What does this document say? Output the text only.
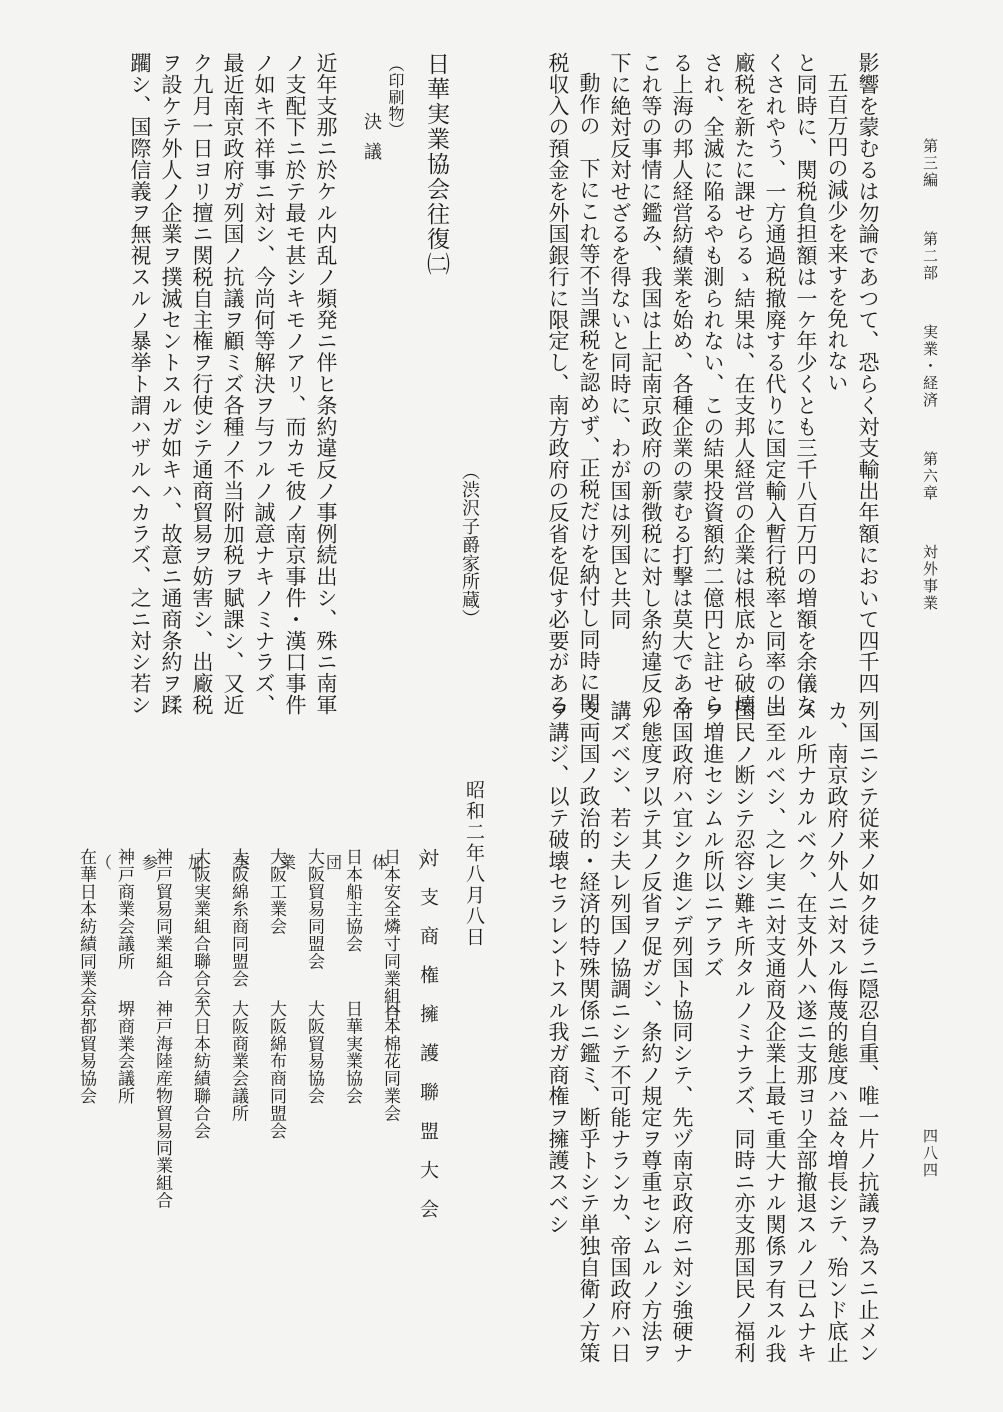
第三編 第二部 実業・経済 第六章 対外事業
四八四
影響を蒙むるは勿論であつて、恐らく対支輸出年額において四千四
五百万円の減少を来すを免れない
と同時に、関税負担額は一ケ年少くとも三千八百万円の増額を余儀な
くされやう、一方通過税撤廃する代りに国定輸入暫行税率と同率の出
廠税を新たに課せらるゝ結果は、在支邦人経営の企業は根底から破壊
され、全滅に陥るやも測られない、この結果投資額約二億円と註せら
る上海の邦人経営紡績業を始め、各種企業の蒙むる打撃は莫大である
これ等の事情に鑑み、我国は上記南京政府の新徴税に対し条約違反の
下に絶対反対せざるを得ないと同時に、わが国は列国と共同
動作の　下にこれ等不当課税を認めず、正税だけを納付し同時に関
税収入の預金を外国銀行に限定し、南方政府の反省を促す必要がある
日華実業協会往復㈡
（渋沢子爵家所蔵）
（印刷物）
決議
近年支那ニ於ケル内乱ノ頻発ニ伴ヒ条約違反ノ事例続出シ、殊ニ南軍
ノ支配下ニ於テ最モ甚シキモノアリ、而カモ彼ノ南京事件・漢口事件
ノ如キ不祥事ニ対シ、今尚何等解決ヲ与フルノ誠意ナキノミナラズ、
最近南京政府ガ列国ノ抗議ヲ顧ミズ各種ノ不当附加税ヲ賦課シ、又近
ク九月一日ヨリ擅ニ関税自主権ヲ行使シテ通商貿易ヲ妨害シ、出廠税
ヲ設ケテ外人ノ企業ヲ撲滅セントスルガ如キハ、故意ニ通商条約ヲ蹂
躙シ、国際信義ヲ無視スルノ暴挙ト謂ハザルヘカラズ、之ニ対シ若シ
列国ニシテ従来ノ如ク徒ラニ隠忍自重、唯一片ノ抗議ヲ為スニ止メン
カ、南京政府ノ外人ニ対スル侮蔑的態度ハ益々増長シテ、殆ンド底止
スル所ナカルベク、在支外人ハ遂ニ支那ヨリ全部撤退スルノ已ムナキ
ニ至ルベシ、之レ実ニ対支通商及企業上最モ重大ナル関係ヲ有スル我
国民ノ断シテ忍容シ難キ所タルノミナラズ、同時ニ亦支那国民ノ福利
ヲ増進セシムル所以ニアラズ
帝国政府ハ宜シク進ンデ列国ト協同シテ、先ヅ南京政府ニ対シ強硬ナ
ル態度ヲ以テ其ノ反省ヲ促ガシ、条約ノ規定ヲ尊重セシムルノ方法ヲ
講ズベシ、若シ夫レ列国ノ協調ニシテ不可能ナランカ、帝国政府ハ日
支両国ノ政治的・経済的特殊関係ニ鑑ミ、断乎トシテ単独自衛ノ方策
ヲ講ジ、以テ破壊セラレントスル我ガ商権ヲ擁護スベシ
昭和二年八月八日
対支商権擁護聯盟大会
日本安全燐寸同業組合日本棉花同業会
日本船主協会日華実業協会
大阪貿易同盟会大阪貿易協会
大阪工業会大阪綿布商同盟会
大阪綿糸商同盟会大阪商業会議所
大阪実業組合聯合会大日本紡績聯合会
神戸貿易同業組合神戸海陸産物貿易同業組合
神戸商業会議所堺商業会議所
在華日本紡績同業会京都貿易協会
（参加実業団体）
